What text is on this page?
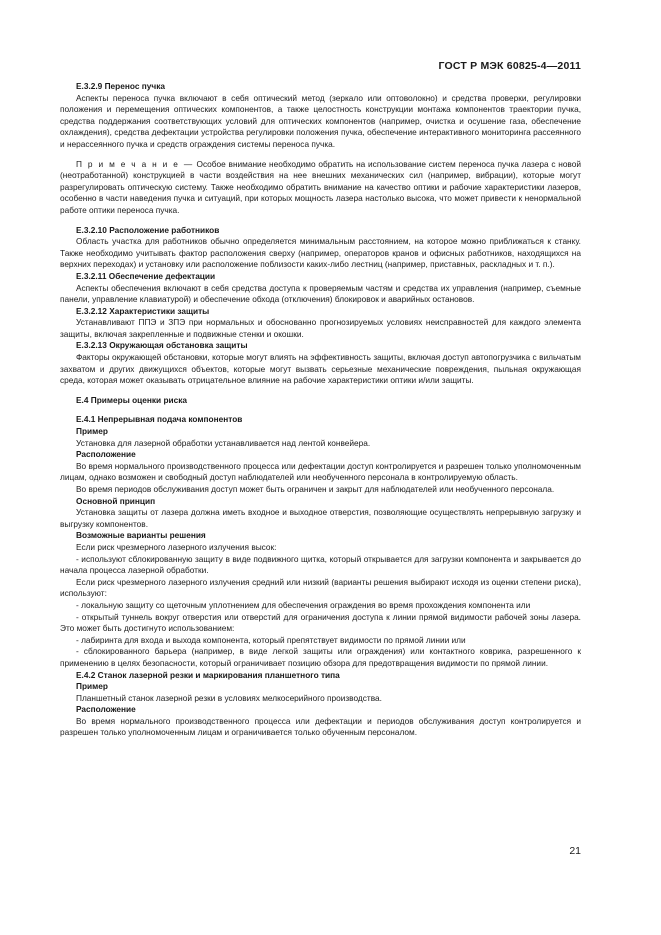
ГОСТ Р МЭК 60825-4—2011

Е.3.2.9 Перенос пучка

Аспекты переноса пучка включают в себя оптический метод (зеркало или оптоволокно) и средства проверки, регулировки положения и перемещения оптических компонентов, а также целостность конструкции монтажа компонентов траектории пучка, средства поддержания соответствующих условий для оптических компонентов (например, очистка и осушение газа, обеспечение охлаждения), средства дефектации устройства регулировки положения пучка, обеспечение интерактивного мониторинга рассеянного и нерассеянного пучка и средств ограждения системы переноса пучка.

П р и м е ч а н и е — Особое внимание необходимо обратить на использование систем переноса пучка лазера с новой (неотработанной) конструкцией в части воздействия на нее внешних механических сил (например, вибрации), которые могут разрегулировать оптическую систему. Также необходимо обратить внимание на качество оптики и рабочие характеристики лазеров, особенно в части наведения пучка и ситуаций, при которых мощность лазера настолько высока, что может привести к ненормальной работе оптики переноса пучка.

Е.3.2.10 Расположение работников

Область участка для работников обычно определяется минимальным расстоянием, на которое можно приближаться к станку. Также необходимо учитывать фактор расположения сверху (например, операторов кранов и офисных работников, находящихся на верхних переходах) и установку или расположение поблизости каких-либо лестниц (например, приставных, раскладных и т. п.).

Е.3.2.11 Обеспечение дефектации

Аспекты обеспечения включают в себя средства доступа к проверяемым частям и средства их управления (например, съемные панели, управление клавиатурой) и обеспечение обхода (отключения) блокировок и аварийных остановов.

Е.3.2.12 Характеристики защиты

Устанавливают ППЭ и ЗПЭ при нормальных и обоснованно прогнозируемых условиях неисправностей для каждого элемента защиты, включая закрепленные и подвижные стенки и окошки.

Е.3.2.13 Окружающая обстановка защиты

Факторы окружающей обстановки, которые могут влиять на эффективность защиты, включая доступ автопогрузчика с вильчатым захватом и других движущихся объектов, которые могут вызвать серьезные механические повреждения, пыльная окружающая среда, которая может оказывать отрицательное влияние на рабочие характеристики оптики и/или защиты.

Е.4 Примеры оценки риска

Е.4.1 Непрерывная подача компонентов

Пример

Установка для лазерной обработки устанавливается над лентой конвейера.

Расположение

Во время нормального производственного процесса или дефектации доступ контролируется и разрешен только уполномоченным лицам, однако возможен и свободный доступ наблюдателей или необученного персонала в контролируемую область.

Во время периодов обслуживания доступ может быть ограничен и закрыт для наблюдателей или необученного персонала.

Основной принцип

Установка защиты от лазера должна иметь входное и выходное отверстия, позволяющие осуществлять непрерывную загрузку и выгрузку компонентов.

Возможные варианты решения

Если риск чрезмерного лазерного излучения высок:

- используют сблокированную защиту в виде подвижного щитка, который открывается для загрузки компонента и закрывается до начала процесса лазерной обработки.

Если риск чрезмерного лазерного излучения средний или низкий (варианты решения выбирают исходя из оценки степени риска), используют:

- локальную защиту со щеточным уплотнением для обеспечения ограждения во время прохождения компонента или

- открытый туннель вокруг отверстия или отверстий для ограничения доступа к линии прямой видимости рабочей зоны лазера. Это может быть достигнуто использованием:

- лабиринта для входа и выхода компонента, который препятствует видимости по прямой линии или

- сблокированного барьера (например, в виде легкой защиты или ограждения) или контактного коврика, разрешенного к применению в целях безопасности, который ограничивает позицию обзора для предотвращения видимости по прямой линии.

Е.4.2 Станок лазерной резки и маркирования планшетного типа

Пример

Планшетный станок лазерной резки в условиях мелкосерийного производства.

Расположение

Во время нормального производственного процесса или дефектации и периодов обслуживания доступ контролируется и разрешен только уполномоченным лицам и ограничивается только обученным персоналом.

21
